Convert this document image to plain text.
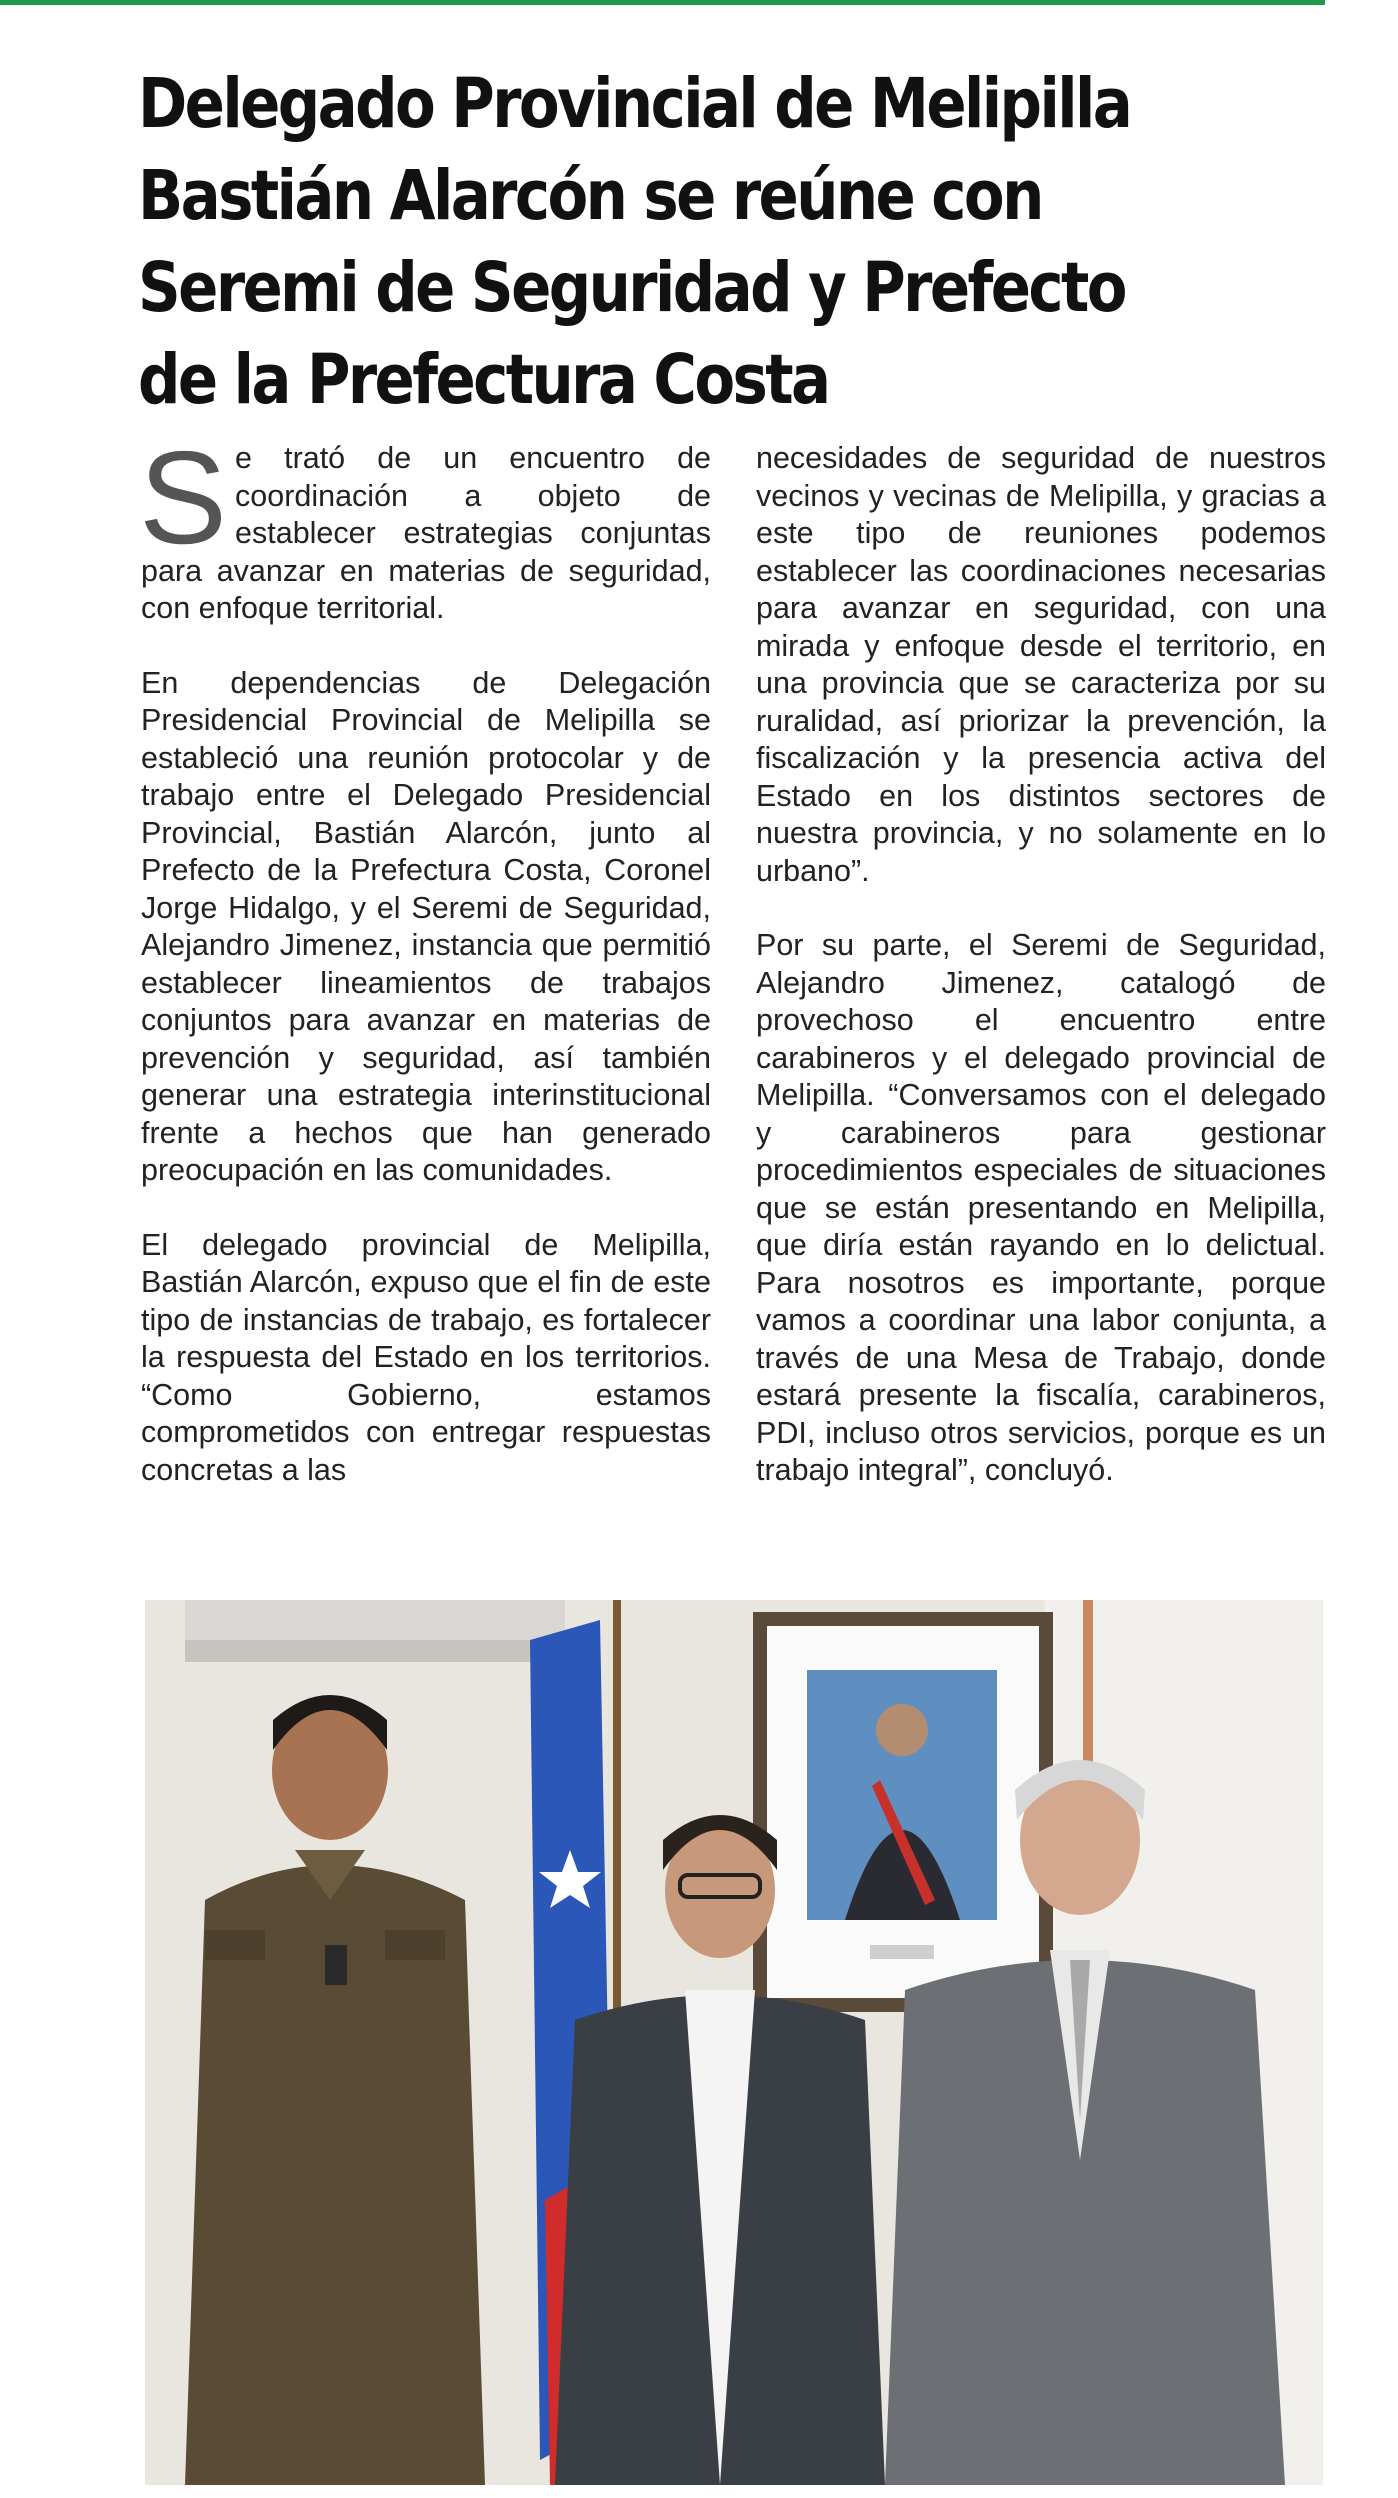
Delegado Provincial de Melipilla
Bastián Alarcón se reúne con
Seremi de Seguridad y Prefecto
de la Prefectura Costa

S e trató de un encuentro de coordinación a objeto de establecer estrategias conjuntas para avanzar en materias de seguridad, con enfoque territorial.

En dependencias de Delegación Presidencial Provincial de Melipilla se estableció una reunión protocolar y de trabajo entre el Delegado Presidencial Provincial, Bastián Alarcón, junto al Prefecto de la Prefectura Costa, Coronel Jorge Hidalgo, y el Seremi de Seguridad, Alejandro Jimenez, instancia que permitió establecer lineamientos de trabajos conjuntos para avanzar en materias de prevención y seguridad, así también generar una estrategia interinstitucional frente a hechos que han generado preocupación en las comunidades.

El delegado provincial de Melipilla, Bastián Alarcón, expuso que el fin de este tipo de instancias de trabajo, es fortalecer la respuesta del Estado en los territorios. “Como Gobierno, estamos comprometidos con entregar respuestas concretas a las

necesidades de seguridad de nuestros vecinos y vecinas de Melipilla, y gracias a este tipo de reuniones podemos establecer las coordinaciones necesarias para avanzar en seguridad, con una mirada y enfoque desde el territorio, en una provincia que se caracteriza por su ruralidad, así priorizar la prevención, la fiscalización y la presencia activa del Estado en los distintos sectores de nuestra provincia, y no solamente en lo urbano”.

Por su parte, el Seremi de Seguridad, Alejandro Jimenez, catalogó de provechoso el encuentro entre carabineros y el delegado provincial de Melipilla. “Conversamos con el delegado y carabineros para gestionar procedimientos especiales de situaciones que se están presentando en Melipilla, que diría están rayando en lo delictual. Para nosotros es importante, porque vamos a coordinar una labor conjunta, a través de una Mesa de Trabajo, donde estará presente la fiscalía, carabineros, PDI, incluso otros servicios, porque es un trabajo integral”, concluyó.
